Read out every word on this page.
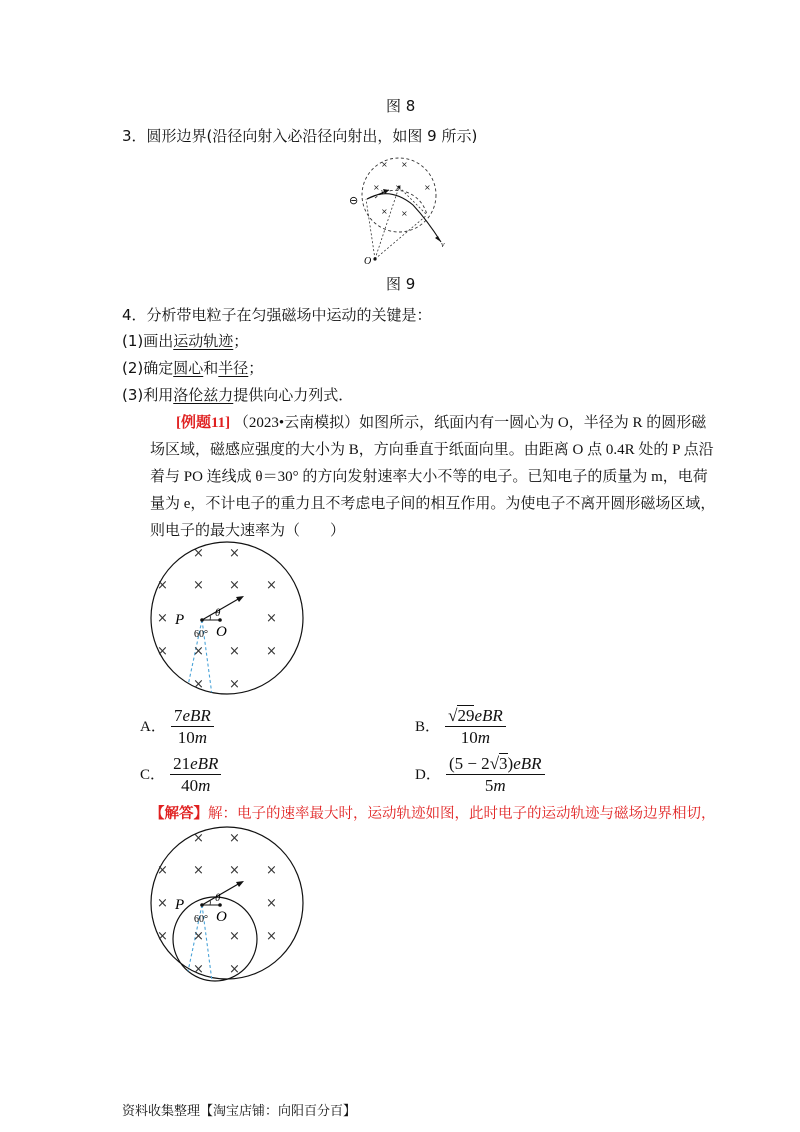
图 8
3．圆形边界(沿径向射入必沿径向射出，如图 9 所示)
O
v
v
⊖
× ×
× ×	×
× ×
图 9
4．分析带电粒子在匀强磁场中运动的关键是：
(1)画出运动轨迹；
(2)确定圆心和半径；
(3)利用洛伦兹力提供向心力列式．
[例题11] （2023•云南模拟）如图所示，纸面内有一圆心为 O，半径为 R 的圆形磁
场区域，磁感应强度的大小为 B，方向垂直于纸面向里。由距离 O 点 0.4R 处的 P 点沿
着与 PO 连线成 θ＝30° 的方向发射速率大小不等的电子。已知电子的质量为 m，电荷
量为 e，不计电子的重力且不考虑电子间的相互作用。为使电子不离开圆形磁场区域，
则电子的最大速率为（　　）
P
O
θ
60°
× ×
× × × ×
×	×
× × × ×
× ×
A． $\frac{\text{7eBR}}{10m}$	B． $\frac{\text{√29eBR}}{10m}$
C． $\frac{\text{21eBR}}{40m}$	D． $\frac{\text{(5 − 2√3)eBR}}{5m}$
【解答】解：电子的速率最大时，运动轨迹如图，此时电子的运动轨迹与磁场边界相切，
P
O
θ
60°
× ×
× × × ×
×	×
× × × ×
× ×
资料收集整理【淘宝店铺：向阳百分百】
